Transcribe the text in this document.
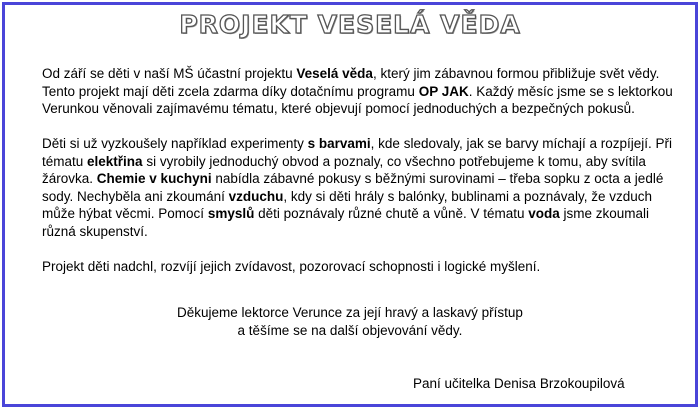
PROJEKT VESELÁ VĚDA

Od září se děti v naší MŠ účastní projektu Veselá věda, který jim zábavnou formou přibližuje svět vědy. Tento projekt mají děti zcela zdarma díky dotačnímu programu OP JAK. Každý měsíc jsme se s lektorkou Verunkou věnovali zajímavému tématu, které objevují pomocí jednoduchých a bezpečných pokusů.

Děti si už vyzkoušely například experimenty s barvami, kde sledovaly, jak se barvy míchají a rozpíjejí. Při tématu elektřina si vyrobily jednoduchý obvod a poznaly, co všechno potřebujeme k tomu, aby svítila žárovka. Chemie v kuchyni nabídla zábavné pokusy s běžnými surovinami – třeba sopku z octa a jedlé sody. Nechyběla ani zkoumání vzduchu, kdy si děti hrály s balónky, bublinami a poznávaly, že vzduch může hýbat věcmi. Pomocí smyslů děti poznávaly různé chutě a vůně. V tématu voda jsme zkoumali různá skupenství.

Projekt děti nadchl, rozvíjí jejich zvídavost, pozorovací schopnosti i logické myšlení.

Děkujeme lektorce Verunce za její hravý a laskavý přístup
a těšíme se na další objevování vědy.
Paní učitelka Denisa Brzokoupilová
